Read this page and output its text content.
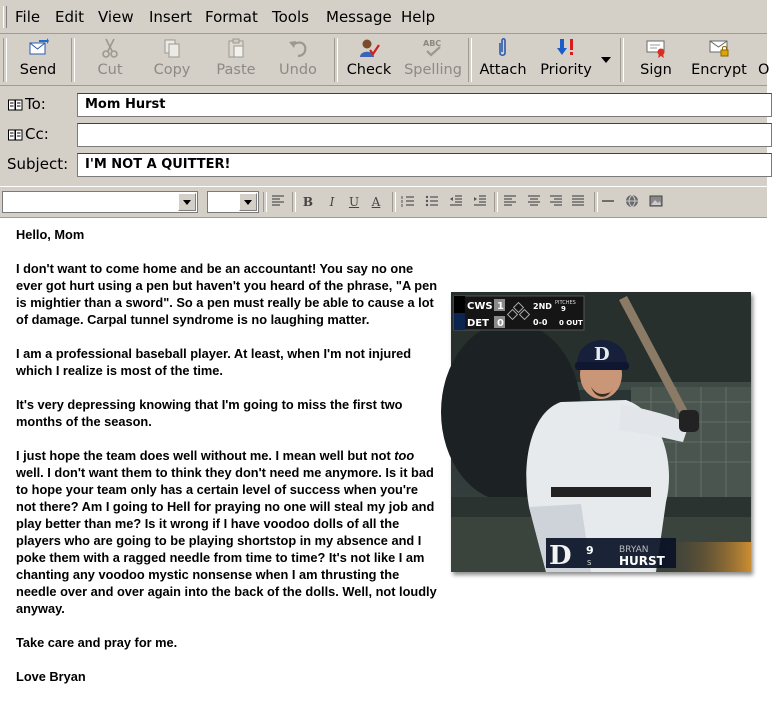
File Edit View Insert Format Tools Message Help
Send	Cut	Copy	Paste	Undo	Check
ABC
Spelling Attach Priority	Sign	Encrypt O
To:	Mom Hurst
Cc:
Subject:	I'M NOT A QUITTER!
B	I	U	A

Hello, Mom

I don't want to come home and be an accountant! You say no one ever got hurt using a pen but haven't you heard of the phrase, "A pen is mightier than a sword". So a pen must really be able to cause a lot of damage. Carpal tunnel syndrome is no laughing matter.

I am a professional baseball player. At least, when I'm not injured which I realize is most of the time.

It's very depressing knowing that I'm going to miss the first two months of the season.

I just hope the team does well without me. I mean well but not too well. I don't want them to think they don't need me anymore. Is it bad to hope your team only has a certain level of success when you're not there? Am I going to Hell for praying no one will steal my job and play better than me? Is it wrong if I have voodoo dolls of all the players who are going to be playing shortstop in my absence and I poke them with a ragged needle from time to time? It's not like I am chanting any voodoo mystic nonsense when I am thrusting the needle over and over again into the back of the dolls. Well, not loudly anyway.

Take care and pray for me.

Love Bryan

D
CWS 1
DET 0
2ND PITCHES
9
0-0 0 OUT
D 9
S
BRYAN
HURST
